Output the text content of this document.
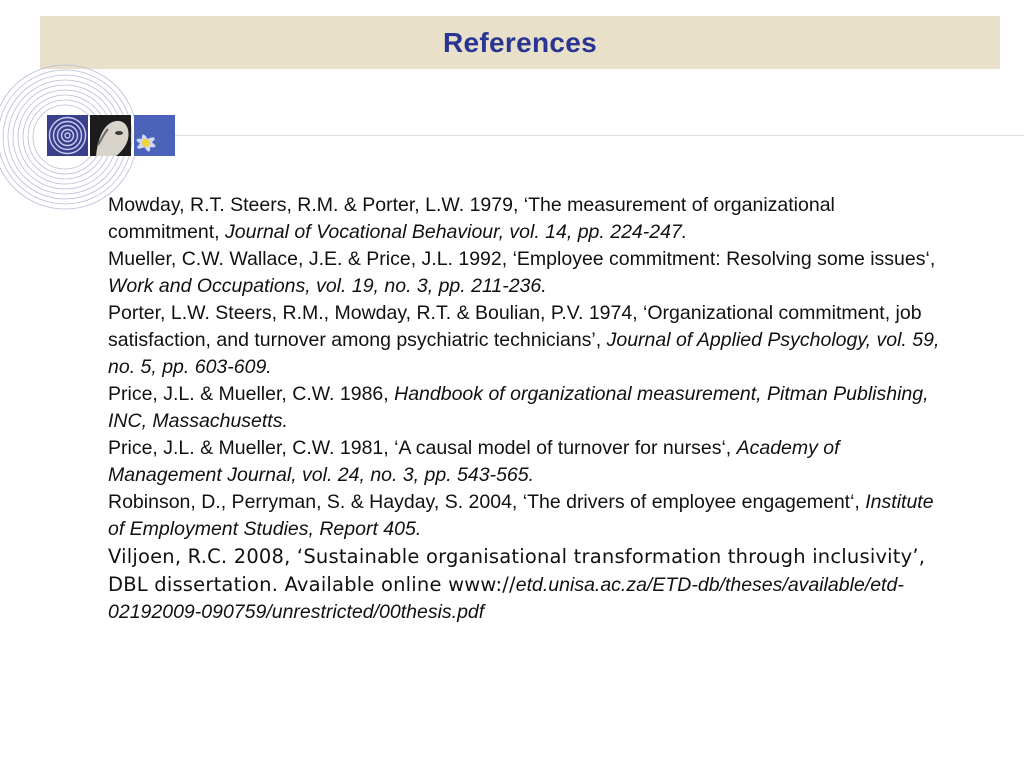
References

Mowday, R.T. Steers, R.M. & Porter, L.W. 1979, ‘The measurement of organizational commitment, Journal of Vocational Behaviour, vol. 14, pp. 224-247.

Mueller, C.W. Wallace, J.E. & Price, J.L. 1992, ‘Employee commitment: Resolving some issues‘, Work and Occupations, vol. 19, no. 3, pp. 211-236.

Porter, L.W. Steers, R.M., Mowday, R.T. & Boulian, P.V. 1974, ‘Organizational commitment, job satisfaction, and turnover among psychiatric technicians’, Journal of Applied Psychology, vol. 59, no. 5, pp. 603-609.

Price, J.L. & Mueller, C.W. 1986, Handbook of organizational measurement, Pitman Publishing, INC, Massachusetts.

Price, J.L. & Mueller, C.W. 1981, ‘A causal model of turnover for nurses‘, Academy of Management Journal, vol. 24, no. 3, pp. 543-565.

Robinson, D., Perryman, S. & Hayday, S. 2004, ‘The drivers of employee engagement‘, Institute of Employment Studies, Report 405.

Viljoen, R.C. 2008, ‘Sustainable organisational transformation through inclusivity’, DBL dissertation. Available online www://etd.unisa.ac.za/ETD-db/theses/available/etd-02192009-090759/unrestricted/00thesis.pdf
